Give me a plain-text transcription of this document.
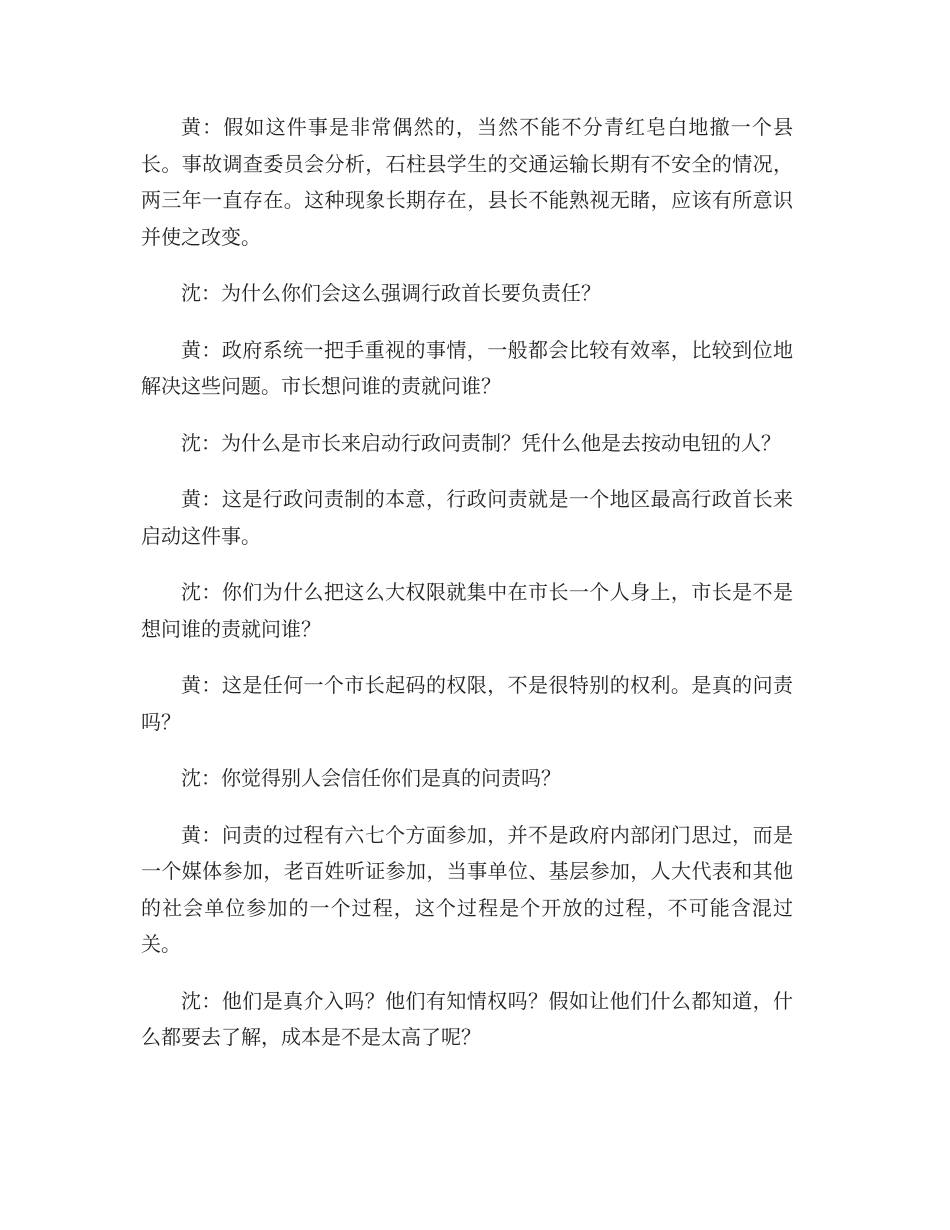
黄：假如这件事是非常偶然的，当然不能不分青红皂白地撤一个县长。事故调查委员会分析，石柱县学生的交通运输长期有不安全的情况，两三年一直存在。这种现象长期存在，县长不能熟视无睹，应该有所意识并使之改变。

沈：为什么你们会这么强调行政首长要负责任？

黄：政府系统一把手重视的事情，一般都会比较有效率，比较到位地解决这些问题。市长想问谁的责就问谁？

沈：为什么是市长来启动行政问责制？凭什么他是去按动电钮的人？

黄：这是行政问责制的本意，行政问责就是一个地区最高行政首长来启动这件事。

沈：你们为什么把这么大权限就集中在市长一个人身上，市长是不是想问谁的责就问谁？

黄：这是任何一个市长起码的权限，不是很特别的权利。是真的问责吗？

沈：你觉得别人会信任你们是真的问责吗？

黄：问责的过程有六七个方面参加，并不是政府内部闭门思过，而是一个媒体参加，老百姓听证参加，当事单位、基层参加，人大代表和其他的社会单位参加的一个过程，这个过程是个开放的过程，不可能含混过关。

沈：他们是真介入吗？他们有知情权吗？假如让他们什么都知道，什么都要去了解，成本是不是太高了呢？
